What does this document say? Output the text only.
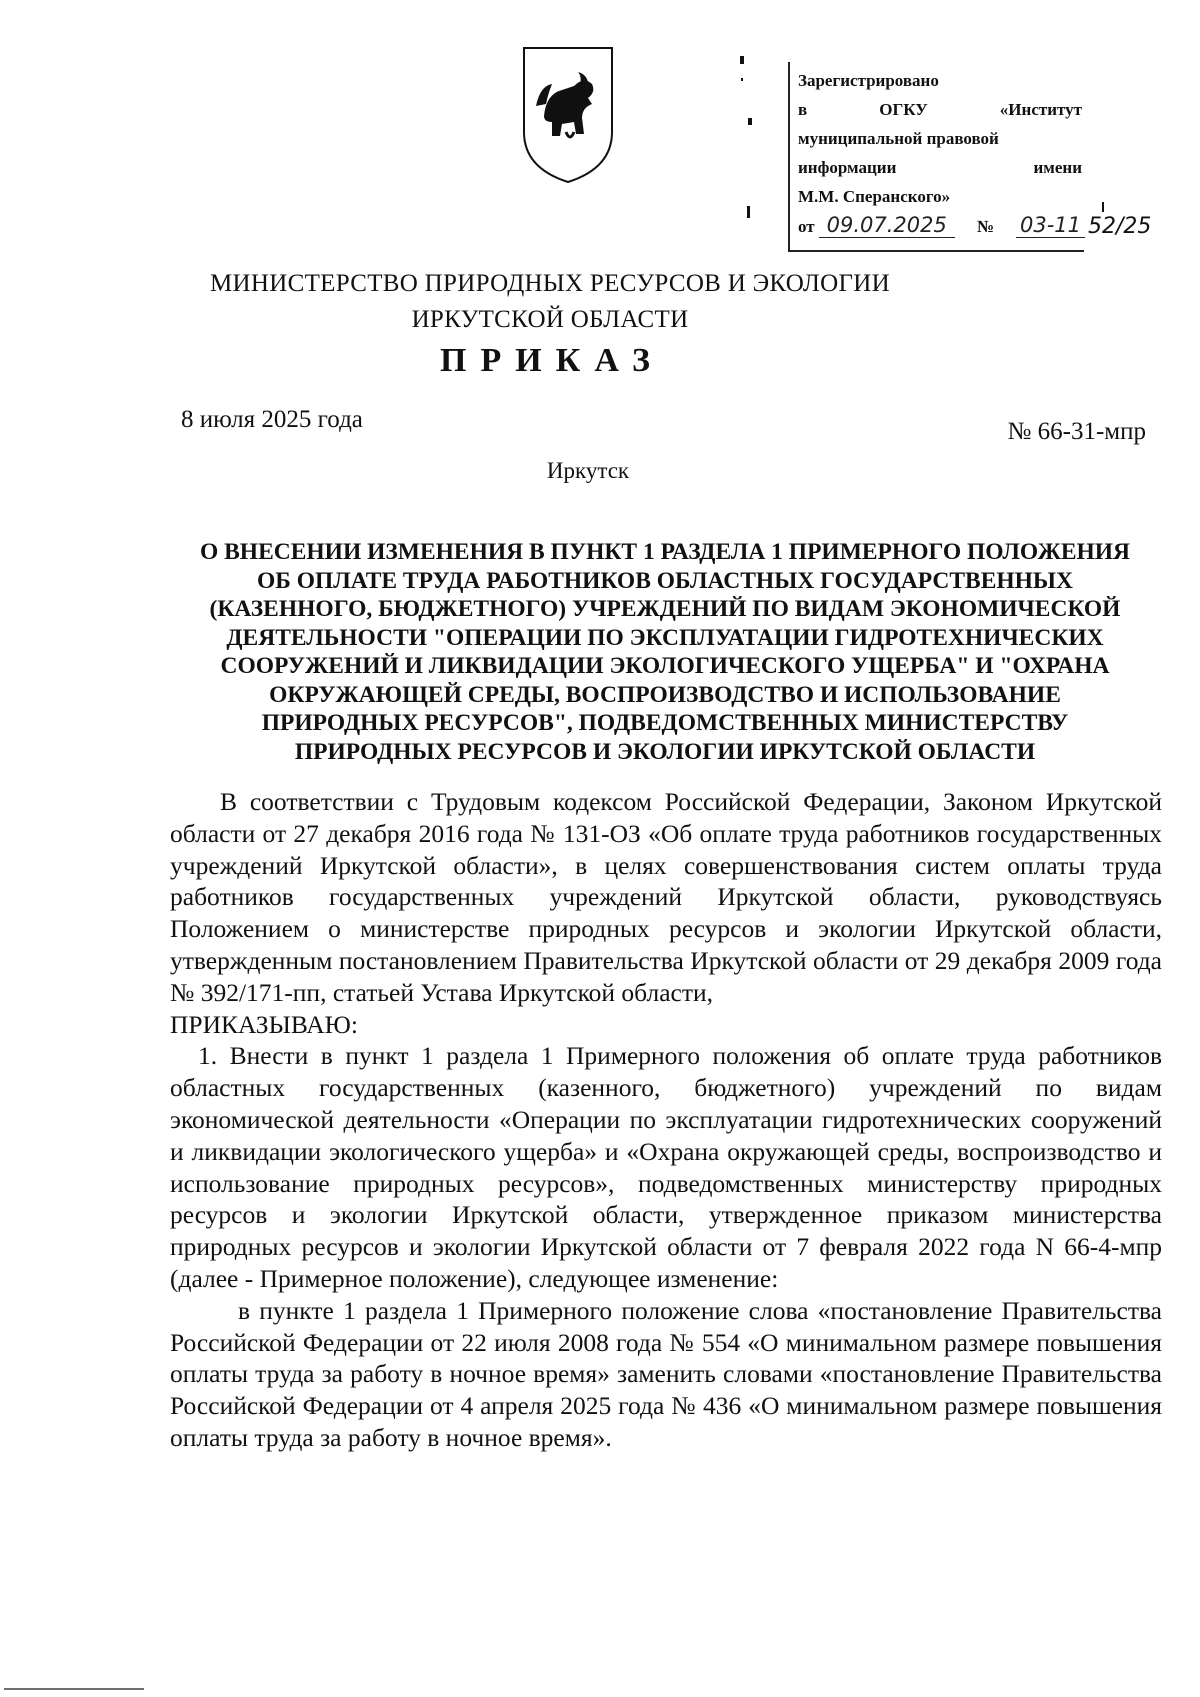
Зарегистрировано
в	ОГКУ	«Институт
муниципальной правовой
информации	имени
М.М. Сперанского»
от 09.07.2025 № 03-11 52/25
МИНИСТЕРСТВО ПРИРОДНЫХ РЕСУРСОВ И ЭКОЛОГИИ
ИРКУТСКОЙ ОБЛАСТИ
ПРИКАЗ
8 июля 2025 года	№ 66-31-мпр
Иркутск
О ВНЕСЕНИИ ИЗМЕНЕНИЯ В ПУНКТ 1 РАЗДЕЛА 1 ПРИМЕРНОГО ПОЛОЖЕНИЯ
ОБ ОПЛАТЕ ТРУДА РАБОТНИКОВ ОБЛАСТНЫХ ГОСУДАРСТВЕННЫХ
(КАЗЕННОГО, БЮДЖЕТНОГО) УЧРЕЖДЕНИЙ ПО ВИДАМ ЭКОНОМИЧЕСКОЙ
ДЕЯТЕЛЬНОСТИ "ОПЕРАЦИИ ПО ЭКСПЛУАТАЦИИ ГИДРОТЕХНИЧЕСКИХ
СООРУЖЕНИЙ И ЛИКВИДАЦИИ ЭКОЛОГИЧЕСКОГО УЩЕРБА" И "ОХРАНА
ОКРУЖАЮЩЕЙ СРЕДЫ, ВОСПРОИЗВОДСТВО И ИСПОЛЬЗОВАНИЕ
ПРИРОДНЫХ РЕСУРСОВ", ПОДВЕДОМСТВЕННЫХ МИНИСТЕРСТВУ
ПРИРОДНЫХ РЕСУРСОВ И ЭКОЛОГИИ ИРКУТСКОЙ ОБЛАСТИ

В соответствии с Трудовым кодексом Российской Федерации, Законом Иркутской области от 27 декабря 2016 года № 131-ОЗ «Об оплате труда работников государственных учреждений Иркутской области», в целях совершенствования систем оплаты труда работников государственных учреждений Иркутской области, руководствуясь Положением о министерстве природных ресурсов и экологии Иркутской области, утвержденным постановлением Правительства Иркутской области от 29 декабря 2009 года № 392/171-пп, статьей Устава Иркутской области,

ПРИКАЗЫВАЮ:

1. Внести в пункт 1 раздела 1 Примерного положения об оплате труда работников областных государственных (казенного, бюджетного) учреждений по видам экономической деятельности «Операции по эксплуатации гидротехнических сооружений и ликвидации экологического ущерба» и «Охрана окружающей среды, воспроизводство и использование природных ресурсов», подведомственных министерству природных ресурсов и экологии Иркутской области, утвержденное приказом министерства природных ресурсов и экологии Иркутской области от 7 февраля 2022 года N 66-4-мпр (далее - Примерное положение), следующее изменение:

в пункте 1 раздела 1 Примерного положение слова «постановление Правительства Российской Федерации от 22 июля 2008 года № 554 «О минимальном размере повышения оплаты труда за работу в ночное время» заменить словами «постановление Правительства Российской Федерации от 4 апреля 2025 года № 436 «О минимальном размере повышения оплаты труда за работу в ночное время».
